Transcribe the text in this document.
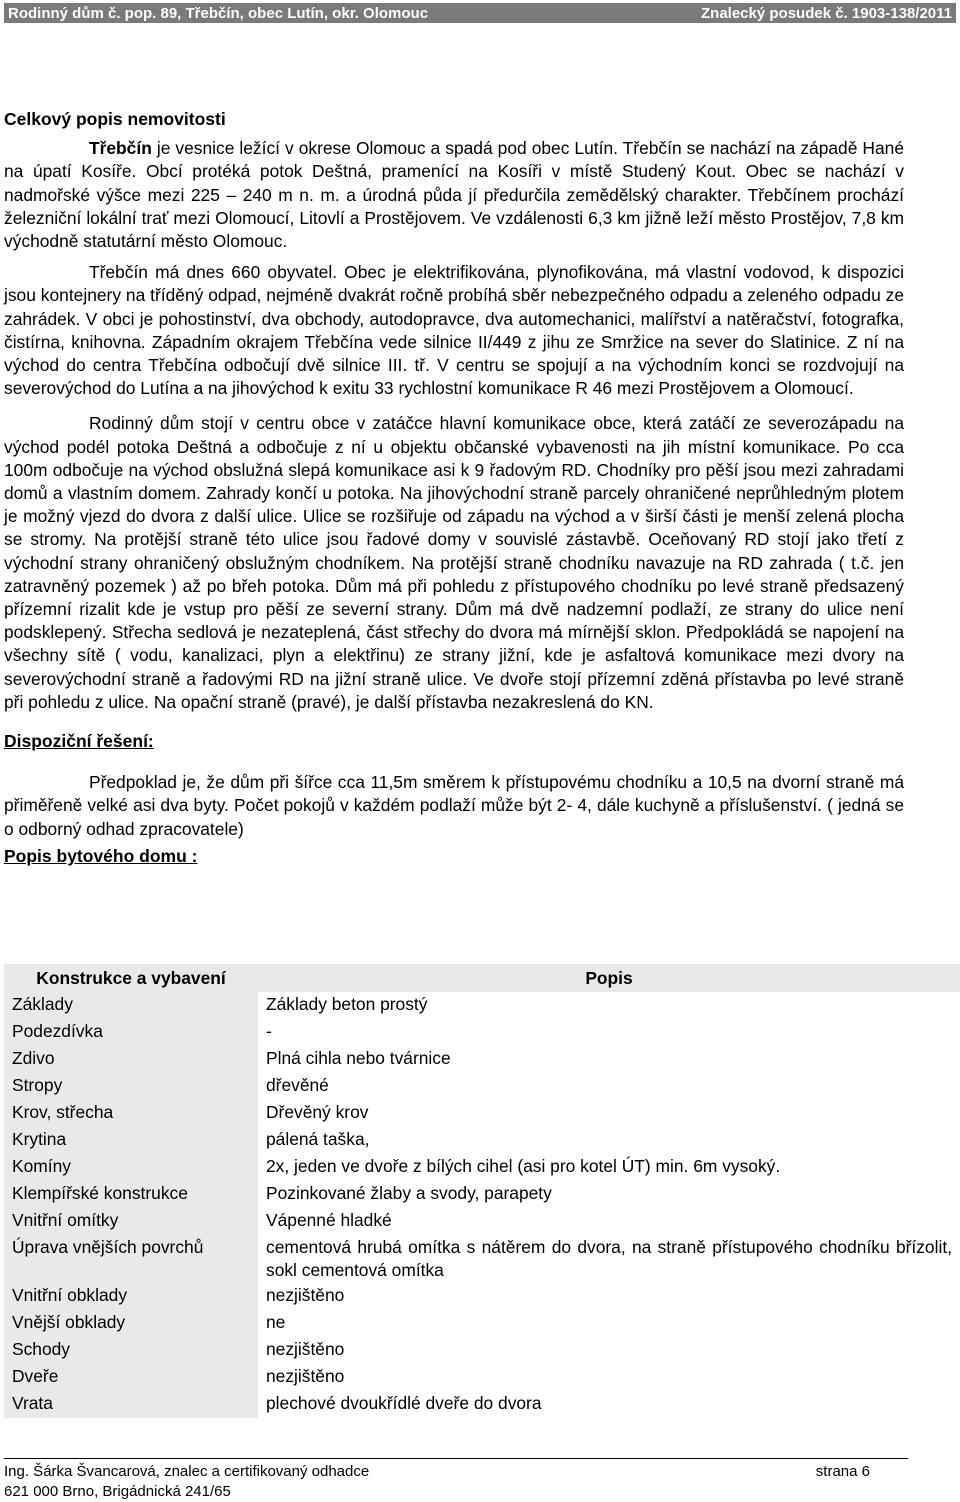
Rodinný dům č. pop. 89, Třebčín, obec Lutín, okr. Olomouc	Znalecký posudek č. 1903-138/2011
Celkový popis nemovitosti

Třebčín je vesnice ležící v okrese Olomouc a spadá pod obec Lutín. Třebčín se nachází na západě Hané na úpatí Kosíře. Obcí protéká potok Deštná, pramenící na Kosíři v místě Studený Kout. Obec se nachází v nadmořské výšce mezi 225 – 240 m n. m. a úrodná půda jí předurčila zemědělský charakter. Třebčínem prochází železniční lokální trať mezi Olomoucí, Litovlí a Prostějovem. Ve vzdálenosti 6,3 km jižně leží město Prostějov, 7,8 km východně statutární město Olomouc.

Třebčín má dnes 660 obyvatel. Obec je elektrifikována, plynofikována, má vlastní vodovod, k dispozici jsou kontejnery na tříděný odpad, nejméně dvakrát ročně probíhá sběr nebezpečného odpadu a zeleného odpadu ze zahrádek. V obci je pohostinství, dva obchody, autodopravce, dva automechanici, malířství a natěračství, fotografka, čistírna, knihovna. Západním okrajem Třebčína vede silnice II/449 z jihu ze Smržice na sever do Slatinice. Z ní na východ do centra Třebčína odbočují dvě silnice III. tř. V centru se spojují a na východním konci se rozdvojují na severovýchod do Lutína a na jihovýchod k exitu 33 rychlostní komunikace R 46 mezi Prostějovem a Olomoucí.

Rodinný dům stojí v centru obce v zatáčce hlavní komunikace obce, která zatáčí ze severozápadu na východ podél potoka Deštná a odbočuje z ní u objektu občanské vybavenosti na jih místní komunikace. Po cca 100m odbočuje na východ obslužná slepá komunikace asi k 9 řadovým RD. Chodníky pro pěší jsou mezi zahradami domů a vlastním domem. Zahrady končí u potoka. Na jihovýchodní straně parcely ohraničené neprůhledným plotem je možný vjezd do dvora z další ulice. Ulice se rozšiřuje od západu na východ a v širší části je menší zelená plocha se stromy. Na protější straně této ulice jsou řadové domy v souvislé zástavbě. Oceňovaný RD stojí jako třetí z východní strany ohraničený obslužným chodníkem. Na protější straně chodníku navazuje na RD zahrada ( t.č. jen zatravněný pozemek ) až po břeh potoka. Dům má při pohledu z přístupového chodníku po levé straně předsazený přízemní rizalit kde je vstup pro pěší ze severní strany. Dům má dvě nadzemní podlaží, ze strany do ulice není podsklepený. Střecha sedlová je nezateplená, část střechy do dvora má mírnější sklon. Předpokládá se napojení na všechny sítě ( vodu, kanalizaci, plyn a elektřinu) ze strany jižní, kde je asfaltová komunikace mezi dvory na severovýchodní straně a řadovými RD na jižní straně ulice. Ve dvoře stojí přízemní zděná přístavba po levé straně při pohledu z ulice. Na opační straně (pravé), je další přístavba nezakreslená do KN.

Dispoziční řešení:

Předpoklad je, že dům při šířce cca 11,5m směrem k přístupovému chodníku a 10,5 na dvorní straně má přiměřeně velké asi dva byty. Počet pokojů v každém podlaží může být 2- 4, dále kuchyně a příslušenství. ( jedná se o odborný odhad zpracovatele)

Popis bytového domu :
Konstrukce a vybavení	Popis
Základy	Základy beton prostý
Podezdívka	-
Zdivo	Plná cihla nebo tvárnice
Stropy	dřevěné
Krov, střecha	Dřevěný krov
Krytina	pálená taška,
Komíny	2x, jeden ve dvoře z bílých cihel (asi pro kotel ÚT) min. 6m vysoký.
Klempířské konstrukce	Pozinkované žlaby a svody, parapety
Vnitřní omítky	Vápenné hladké
Úprava vnějších povrchů	cementová hrubá omítka s nátěrem do dvora, na straně přístupového chodníku břízolit, sokl cementová omítka
Vnitřní obklady	nezjištěno
Vnější obklady	ne
Schody	nezjištěno
Dveře	nezjištěno
Vrata	plechové dvoukřídlé dveře do dvora
Ing. Šárka Švancarová, znalec a certifikovaný odhadce	strana 6
621 000 Brno, Brigádnická 241/65
